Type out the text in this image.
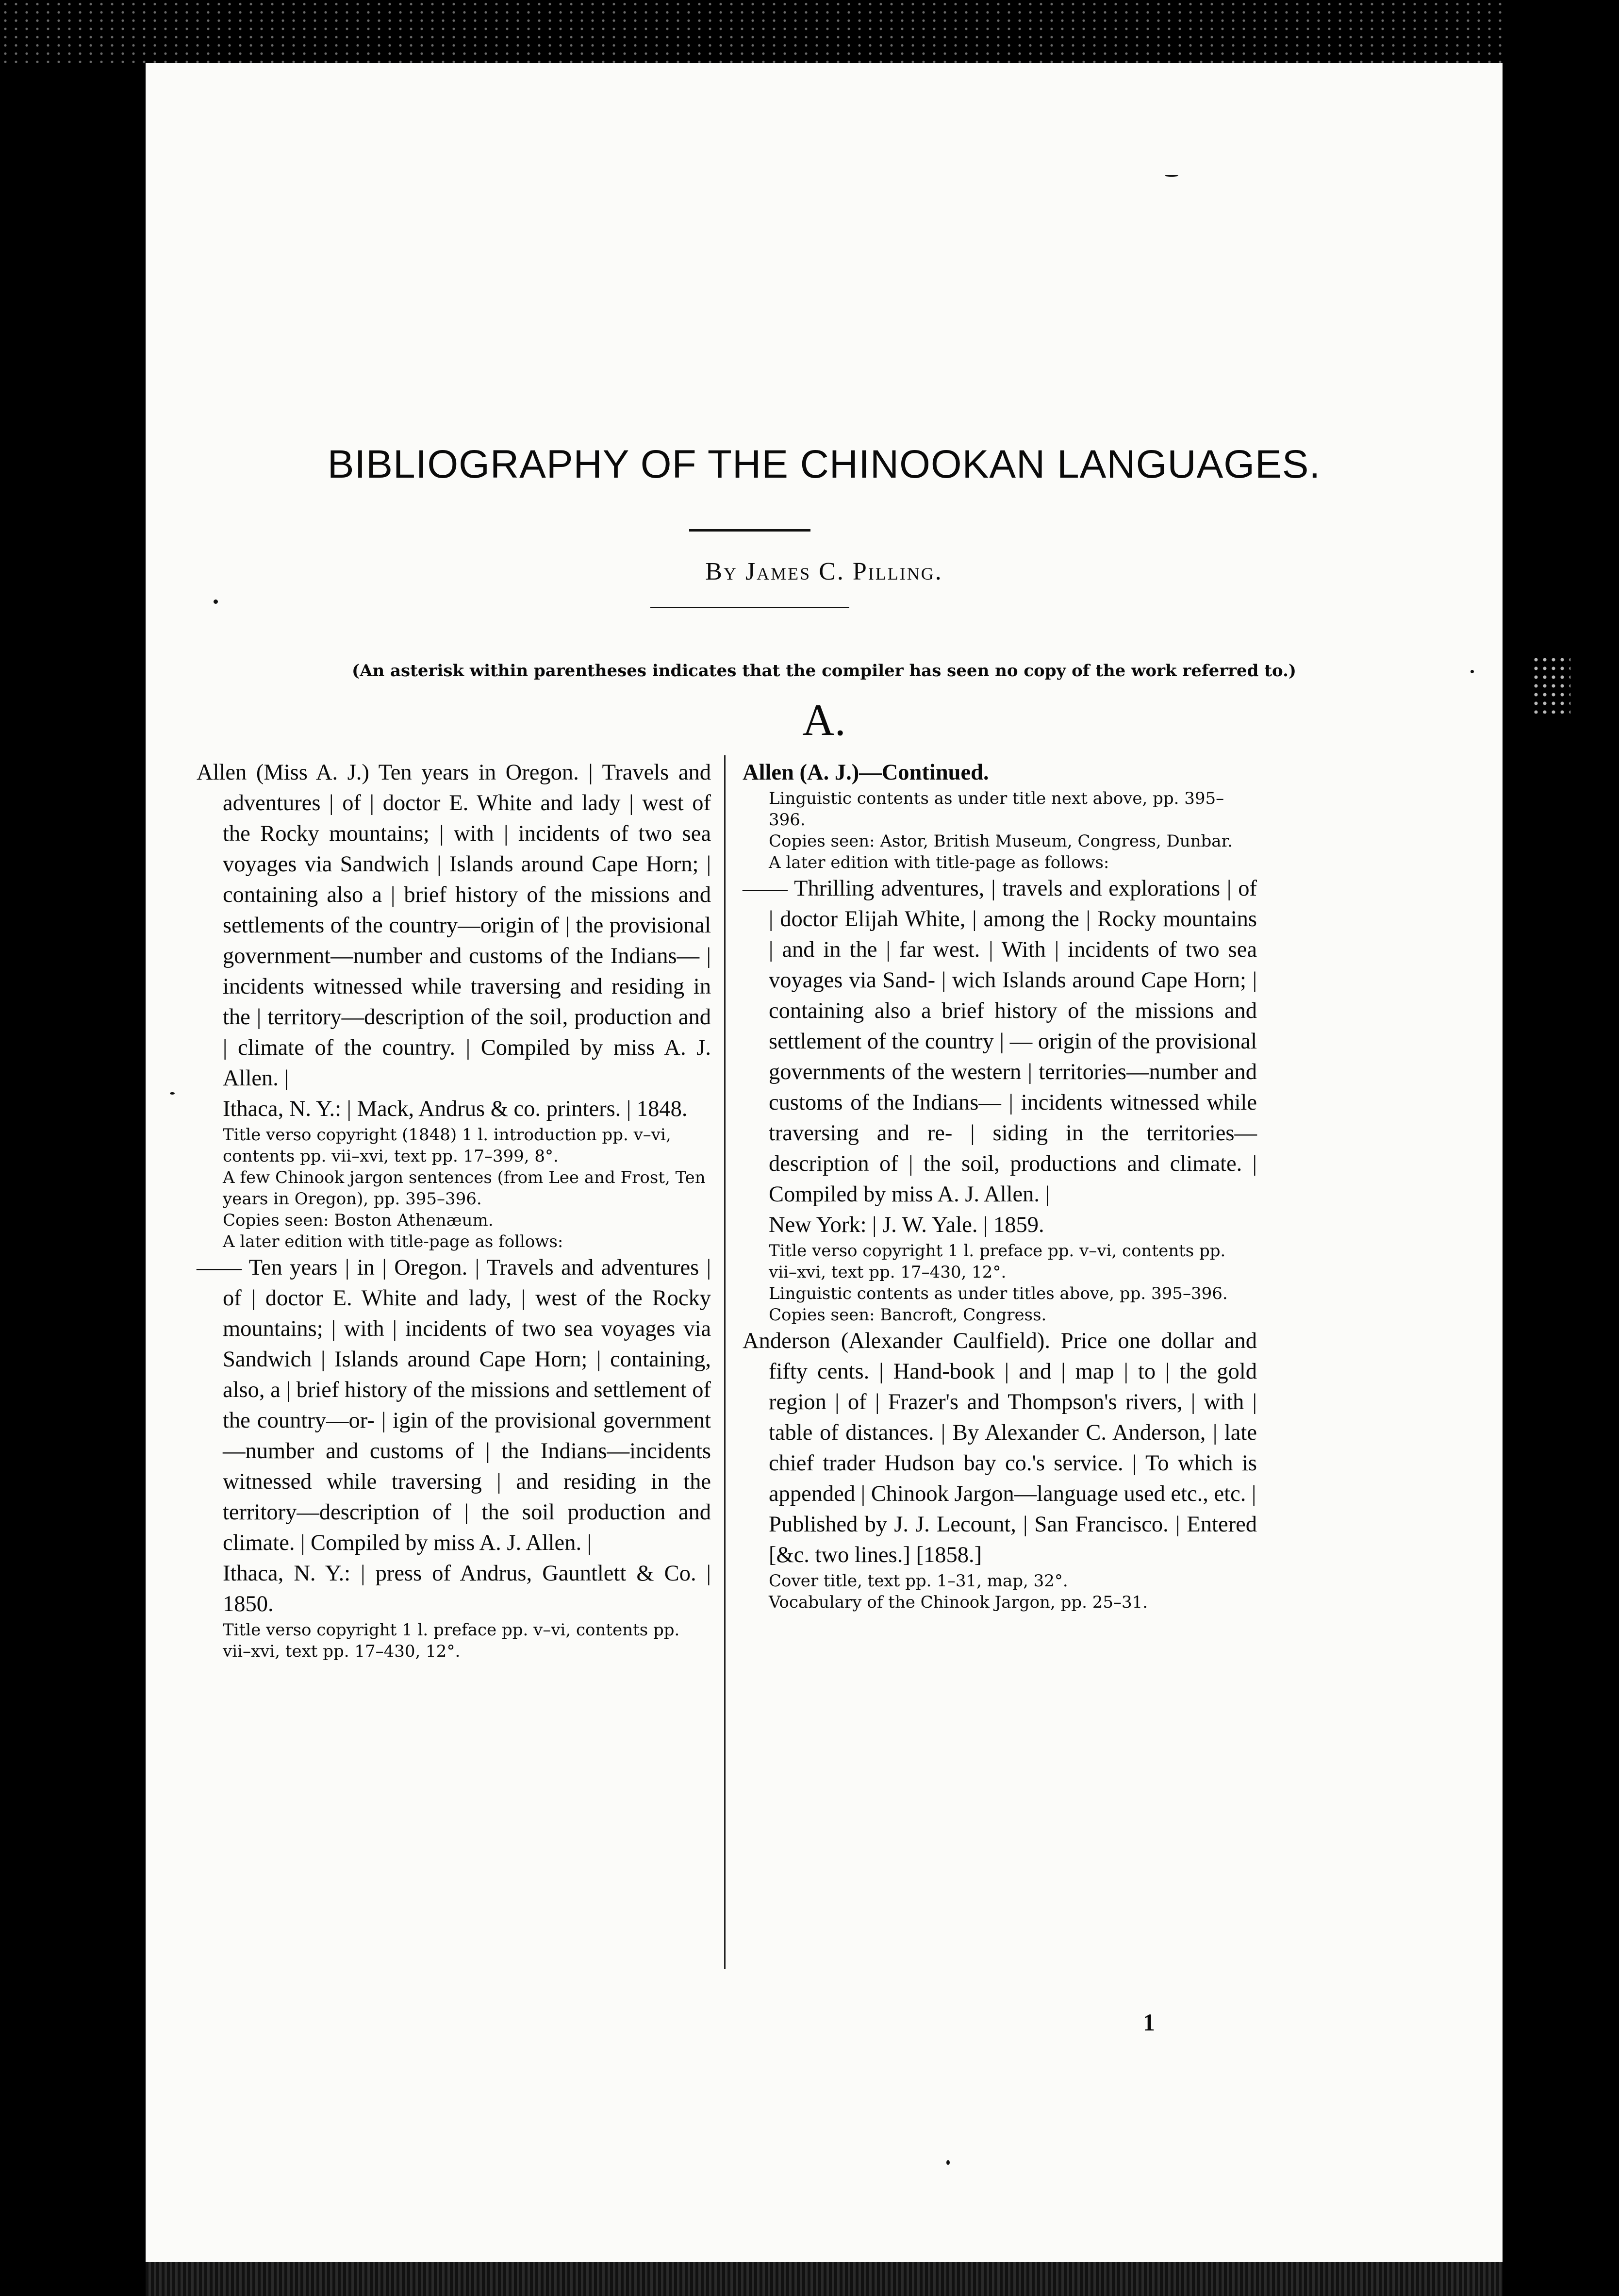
BIBLIOGRAPHY OF THE CHINOOKAN LANGUAGES.
By James C. Pilling.
(An asterisk within parentheses indicates that the compiler has seen no copy of the work referred to.)
A.

Allen (Miss A. J.) Ten years in Oregon. | Travels and adventures | of | doctor E. White and lady | west of the Rocky mountains; | with | incidents of two sea voyages via Sandwich | Islands around Cape Horn; | containing also a | brief history of the missions and settlements of the country—origin of | the provisional government—number and customs of the Indians— | incidents witnessed while traversing and residing in the | territory—description of the soil, production and | climate of the country. | Compiled by miss A. J. Allen. |

Ithaca, N. Y.: | Mack, Andrus & co. printers. | 1848.

Title verso copyright (1848) 1 l. introduction pp. v–vi, contents pp. vii–xvi, text pp. 17–399, 8°.

A few Chinook jargon sentences (from Lee and Frost, Ten years in Oregon), pp. 395–396.

Copies seen: Boston Athenæum.

A later edition with title-page as follows:

—— Ten years | in | Oregon. | Travels and adventures | of | doctor E. White and lady, | west of the Rocky mountains; | with | incidents of two sea voyages via Sandwich | Islands around Cape Horn; | containing, also, a | brief history of the missions and settlement of the country—or- | igin of the provisional government—number and customs of | the Indians—incidents witnessed while traversing | and residing in the territory—description of | the soil production and climate. | Compiled by miss A. J. Allen. |

Ithaca, N. Y.: | press of Andrus, Gauntlett & Co. | 1850.

Title verso copyright 1 l. preface pp. v–vi, contents pp. vii–xvi, text pp. 17–430, 12°.

Allen (A. J.)—Continued.

Linguistic contents as under title next above, pp. 395–396.

Copies seen: Astor, British Museum, Congress, Dunbar.

A later edition with title-page as follows:

—— Thrilling adventures, | travels and explorations | of | doctor Elijah White, | among the | Rocky mountains | and in the | far west. | With | incidents of two sea voyages via Sand- | wich Islands around Cape Horn; | containing also a brief history of the missions and settlement of the country | — origin of the provisional governments of the western | territories—number and customs of the Indians— | incidents witnessed while traversing and re- | siding in the territories—description of | the soil, productions and climate. | Compiled by miss A. J. Allen. |

New York: | J. W. Yale. | 1859.

Title verso copyright 1 l. preface pp. v–vi, contents pp. vii–xvi, text pp. 17–430, 12°.

Linguistic contents as under titles above, pp. 395–396.

Copies seen: Bancroft, Congress.

Anderson (Alexander Caulfield). Price one dollar and fifty cents. | Hand-book | and | map | to | the gold region | of | Frazer's and Thompson's rivers, | with | table of distances. | By Alexander C. Anderson, | late chief trader Hudson bay co.'s service. | To which is appended | Chinook Jargon—language used etc., etc. |

Published by J. J. Lecount, | San Francisco. | Entered [&c. two lines.] [1858.]

Cover title, text pp. 1–31, map, 32°.

Vocabulary of the Chinook Jargon, pp. 25–31.

1
